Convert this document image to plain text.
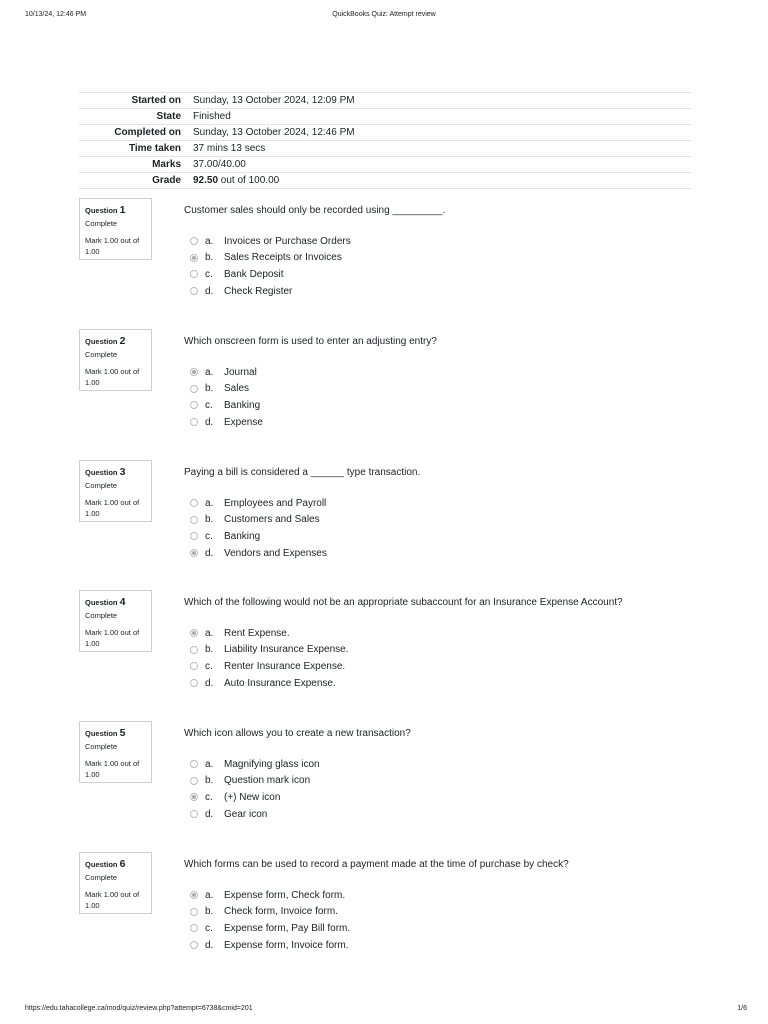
10/13/24, 12:46 PM	QuickBooks Quiz: Attempt review
Started on	Sunday, 13 October 2024, 12:09 PM
State	Finished
Completed on	Sunday, 13 October 2024, 12:46 PM
Time taken	37 mins 13 secs
Marks	37.00/40.00
Grade	92.50 out of 100.00
Question 1
Complete
Mark 1.00 out of 1.00
Customer sales should only be recorded using _________.
a.	Invoices or Purchase Orders
b.	Sales Receipts or Invoices
c.	Bank Deposit
d.	Check Register
Question 2
Complete
Mark 1.00 out of 1.00
Which onscreen form is used to enter an adjusting entry?
a.	Journal
b.	Sales
c.	Banking
d.	Expense
Question 3
Complete
Mark 1.00 out of 1.00
Paying a bill is considered a ______ type transaction.
a.	Employees and Payroll
b.	Customers and Sales
c.	Banking
d.	Vendors and Expenses
Question 4
Complete
Mark 1.00 out of 1.00
Which of the following would not be an appropriate subaccount for an Insurance Expense Account?
a.	Rent Expense.
b.	Liability Insurance Expense.
c.	Renter Insurance Expense.
d.	Auto Insurance Expense.
Question 5
Complete
Mark 1.00 out of 1.00
Which icon allows you to create a new transaction?
a.	Magnifying glass icon
b.	Question mark icon
c.	(+) New icon
d.	Gear icon
Question 6
Complete
Mark 1.00 out of 1.00
Which forms can be used to record a payment made at the time of purchase by check?
a.	Expense form, Check form.
b.	Check form, Invoice form.
c.	Expense form, Pay Bill form.
d.	Expense form, Invoice form.
https://edu.tahacollege.ca/mod/quiz/review.php?attempt=6738&cmid=201	1/6
